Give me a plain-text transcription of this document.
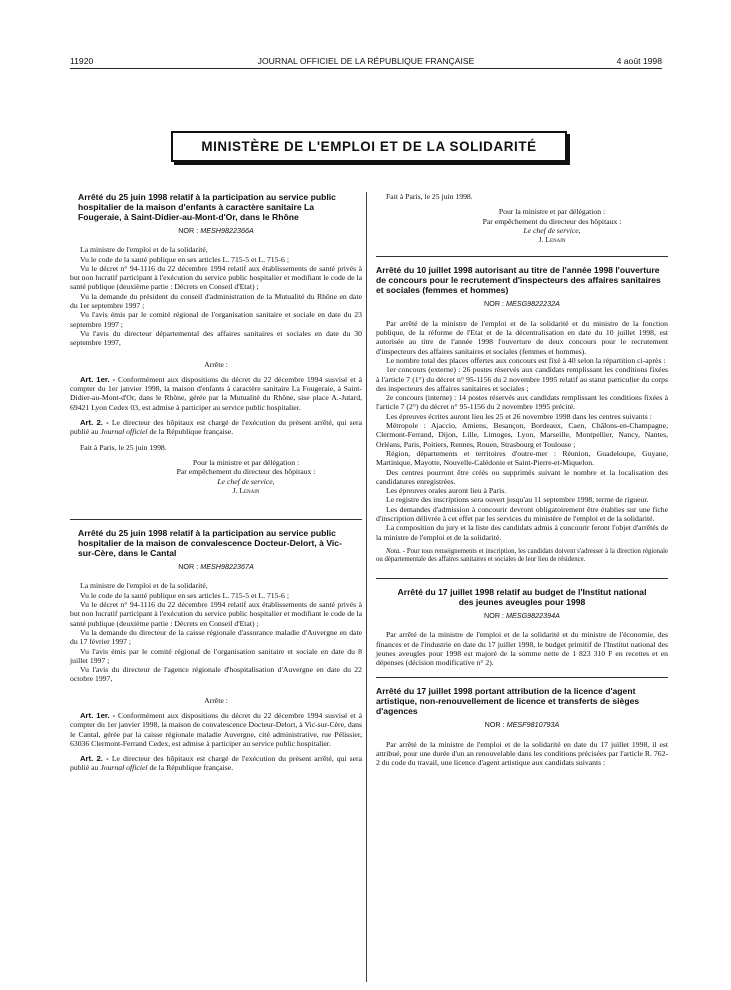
11920	JOURNAL OFFICIEL DE LA RÉPUBLIQUE FRANÇAISE	4 août 1998
MINISTÈRE DE L'EMPLOI ET DE LA SOLIDARITÉ

Arrêté du 25 juin 1998 relatif à la participation au service public hospitalier de la maison d'enfants à caractère sanitaire La Fougeraie, à Saint-Didier-au-Mont-d'Or, dans le Rhône

NOR : MESH9822366A

La ministre de l'emploi et de la solidarité,

Vu le code de la santé publique en ses articles L. 715-5 et L. 715-6 ;

Vu le décret n° 94-1116 du 22 décembre 1994 relatif aux établissements de santé privés à but non lucratif participant à l'exécution du service public hospitalier et modifiant le code de la santé publique (deuxième partie : Décrets en Conseil d'Etat) ;

Vu la demande du président du conseil d'administration de la Mutualité du Rhône en date du 1er septembre 1997 ;

Vu l'avis émis par le comité régional de l'organisation sanitaire et sociale en date du 23 septembre 1997 ;

Vu l'avis du directeur départemental des affaires sanitaires et sociales en date du 30 septembre 1997,

Arrête :

Art. 1er. - Conformément aux dispositions du décret du 22 décembre 1994 susvisé et à compter du 1er janvier 1998, la maison d'enfants à caractère sanitaire La Fougeraie, à Saint-Didier-au-Mont-d'Or, dans le Rhône, gérée par la Mutualité du Rhône, sise place A.-Jutard, 69421 Lyon Cedex 03, est admise à participer au service public hospitalier.

Art. 2. - Le directeur des hôpitaux est chargé de l'exécution du présent arrêté, qui sera publié au Journal officiel de la République française.

Fait à Paris, le 25 juin 1998.

Pour la ministre et par délégation :

Par empêchement du directeur des hôpitaux :

Le chef de service,

J. Lenain

Arrêté du 25 juin 1998 relatif à la participation au service public hospitalier de la maison de convalescence Docteur-Delort, à Vic-sur-Cère, dans le Cantal

NOR : MESH9822367A

La ministre de l'emploi et de la solidarité,

Vu le code de la santé publique en ses articles L. 715-5 et L. 715-6 ;

Vu le décret n° 94-1116 du 22 décembre 1994 relatif aux établissements de santé privés à but non lucratif participant à l'exécution du service public hospitalier et modifiant le code de la santé publique (deuxième partie : Décrets en Conseil d'Etat) ;

Vu la demande du directeur de la caisse régionale d'assurance maladie d'Auvergne en date du 17 février 1997 ;

Vu l'avis émis par le comité régional de l'organisation sanitaire et sociale en date du 8 juillet 1997 ;

Vu l'avis du directeur de l'agence régionale d'hospitalisation d'Auvergne en date du 22 octobre 1997,

Arrête :

Art. 1er. - Conformément aux dispositions du décret du 22 décembre 1994 susvisé et à compter du 1er janvier 1998, la maison de convalescence Docteur-Delort, à Vic-sur-Cère, dans le Cantal, gérée par la caisse régionale maladie Auvergne, cité administrative, rue Pélissier, 63036 Clermont-Ferrand Cedex, est admise à participer au service public hospitalier.

Art. 2. - Le directeur des hôpitaux est chargé de l'exécution du présent arrêté, qui sera publié au Journal officiel de la République française.

Fait à Paris, le 25 juin 1998.

Pour la ministre et par délégation :

Par empêchement du directeur des hôpitaux :

Le chef de service,

J. Lenain

Arrêté du 10 juillet 1998 autorisant au titre de l'année 1998 l'ouverture de concours pour le recrutement d'inspecteurs des affaires sanitaires et sociales (femmes et hommes)

NOR : MESG9822232A

Par arrêté de la ministre de l'emploi et de la solidarité et du ministre de la fonction publique, de la réforme de l'Etat et de la décentralisation en date du 10 juillet 1998, est autorisée au titre de l'année 1998 l'ouverture de deux concours pour le recrutement d'inspecteurs des affaires sanitaires et sociales (femmes et hommes).

Le nombre total des places offertes aux concours est fixé à 40 selon la répartition ci-après :

1er concours (externe) : 26 postes réservés aux candidats remplissant les conditions fixées à l'article 7 (1°) du décret n° 95-1156 du 2 novembre 1995 relatif au statut particulier du corps des inspecteurs des affaires sanitaires et sociales ;

2e concours (interne) : 14 postes réservés aux candidats remplissant les conditions fixées à l'article 7 (2°) du décret n° 95-1156 du 2 novembre 1995 précité.

Les épreuves écrites auront lieu les 25 et 26 novembre 1998 dans les centres suivants :

Métropole : Ajaccio, Amiens, Besançon, Bordeaux, Caen, Châlons-en-Champagne, Clermont-Ferrand, Dijon, Lille, Limoges, Lyon, Marseille, Montpellier, Nancy, Nantes, Orléans, Paris, Poitiers, Rennes, Rouen, Strasbourg et Toulouse ;

Région, départements et territoires d'outre-mer : Réunion, Guadeloupe, Guyane, Martinique, Mayotte, Nouvelle-Calédonie et Saint-Pierre-et-Miquelon.

Des centres pourront être créés ou supprimés suivant le nombre et la localisation des candidatures enregistrées.

Les épreuves orales auront lieu à Paris.

Le registre des inscriptions sera ouvert jusqu'au 11 septembre 1998, terme de rigueur.

Les demandes d'admission à concourir devront obligatoirement être établies sur une fiche d'inscription délivrée à cet effet par les services du ministère de l'emploi et de la solidarité.

La composition du jury et la liste des candidats admis à concourir feront l'objet d'arrêtés de la ministre de l'emploi et de la solidarité.

Nota. - Pour tous renseignements et inscription, les candidats doivent s'adresser à la direction régionale ou départementale des affaires sanitaires et sociales de leur lieu de résidence.

Arrêté du 17 juillet 1998 relatif au budget de l'Institut national des jeunes aveugles pour 1998

NOR : MESG9822394A

Par arrêté de la ministre de l'emploi et de la solidarité et du ministre de l'économie, des finances et de l'industrie en date du 17 juillet 1998, le budget primitif de l'Institut national des jeunes aveugles pour 1998 est majoré de la somme nette de 1 823 310 F en recettes et en dépenses (décision modificative n° 2).

Arrêté du 17 juillet 1998 portant attribution de la licence d'agent artistique, non-renouvellement de licence et transferts de sièges d'agences

NOR : MESF9810793A

Par arrêté de la ministre de l'emploi et de la solidarité en date du 17 juillet 1998, il est attribué, pour une durée d'un an renouvelable dans les conditions précisées par l'article R. 762-2 du code du travail, une licence d'agent artistique aux candidats suivants :
